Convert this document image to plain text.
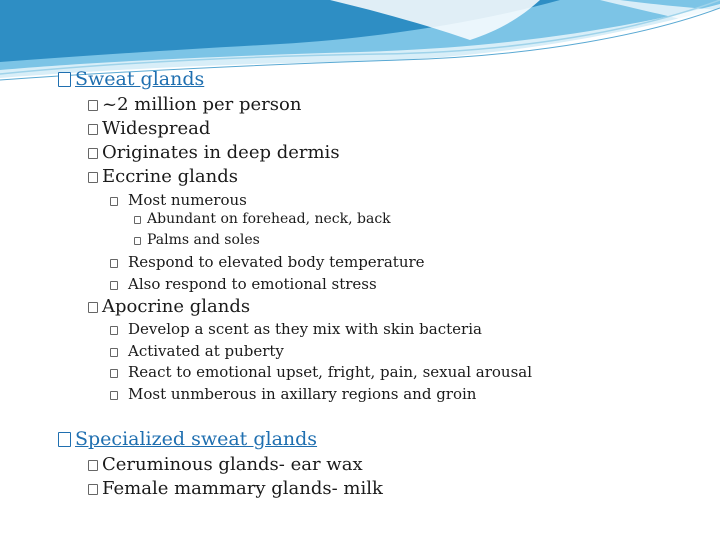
Sweat glands
~2 million per person
Widespread
Originates in deep dermis
Eccrine glands
Most numerous
Abundant on forehead, neck, back
Palms and soles
Respond to elevated body temperature
Also respond to emotional stress
Apocrine glands
Develop a scent as they mix with skin bacteria
Activated at puberty
React to emotional upset, fright, pain, sexual arousal
Most unmberous in axillary regions and groin
Specialized sweat glands
Ceruminous glands- ear wax
Female mammary glands- milk
